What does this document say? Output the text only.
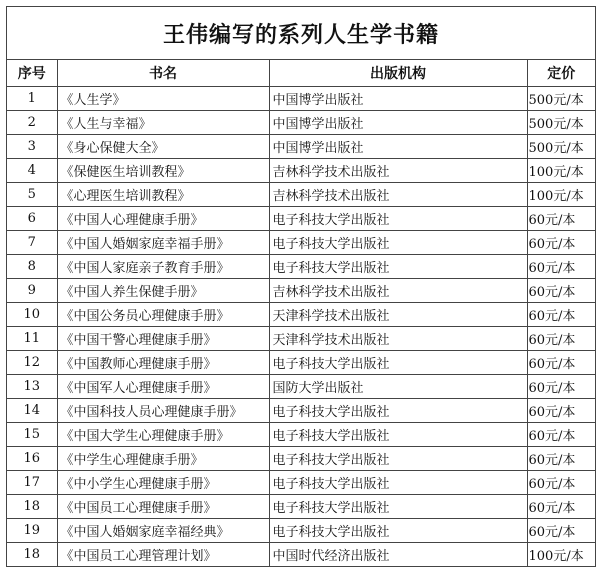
王伟编写的系列人生学书籍
序号	书名	出版机构	定价
1	《人生学》	中国博学出版社	500元/本
2	《人生与幸福》	中国博学出版社	500元/本
3	《身心保健大全》	中国博学出版社	500元/本
4	《保健医生培训教程》	吉林科学技术出版社	100元/本
5	《心理医生培训教程》	吉林科学技术出版社	100元/本
6	《中国人心理健康手册》	电子科技大学出版社	60元/本
7	《中国人婚姻家庭幸福手册》	电子科技大学出版社	60元/本
8	《中国人家庭亲子教育手册》	电子科技大学出版社	60元/本
9	《中国人养生保健手册》	吉林科学技术出版社	60元/本
10	《中国公务员心理健康手册》	天津科学技术出版社	60元/本
11	《中国干警心理健康手册》	天津科学技术出版社	60元/本
12	《中国教师心理健康手册》	电子科技大学出版社	60元/本
13	《中国军人心理健康手册》	国防大学出版社	60元/本
14	《中国科技人员心理健康手册》	电子科技大学出版社	60元/本
15	《中国大学生心理健康手册》	电子科技大学出版社	60元/本
16	《中学生心理健康手册》	电子科技大学出版社	60元/本
17	《中小学生心理健康手册》	电子科技大学出版社	60元/本
18	《中国员工心理健康手册》	电子科技大学出版社	60元/本
19	《中国人婚姻家庭幸福经典》	电子科技大学出版社	60元/本
18	《中国员工心理管理计划》	中国时代经济出版社	100元/本
